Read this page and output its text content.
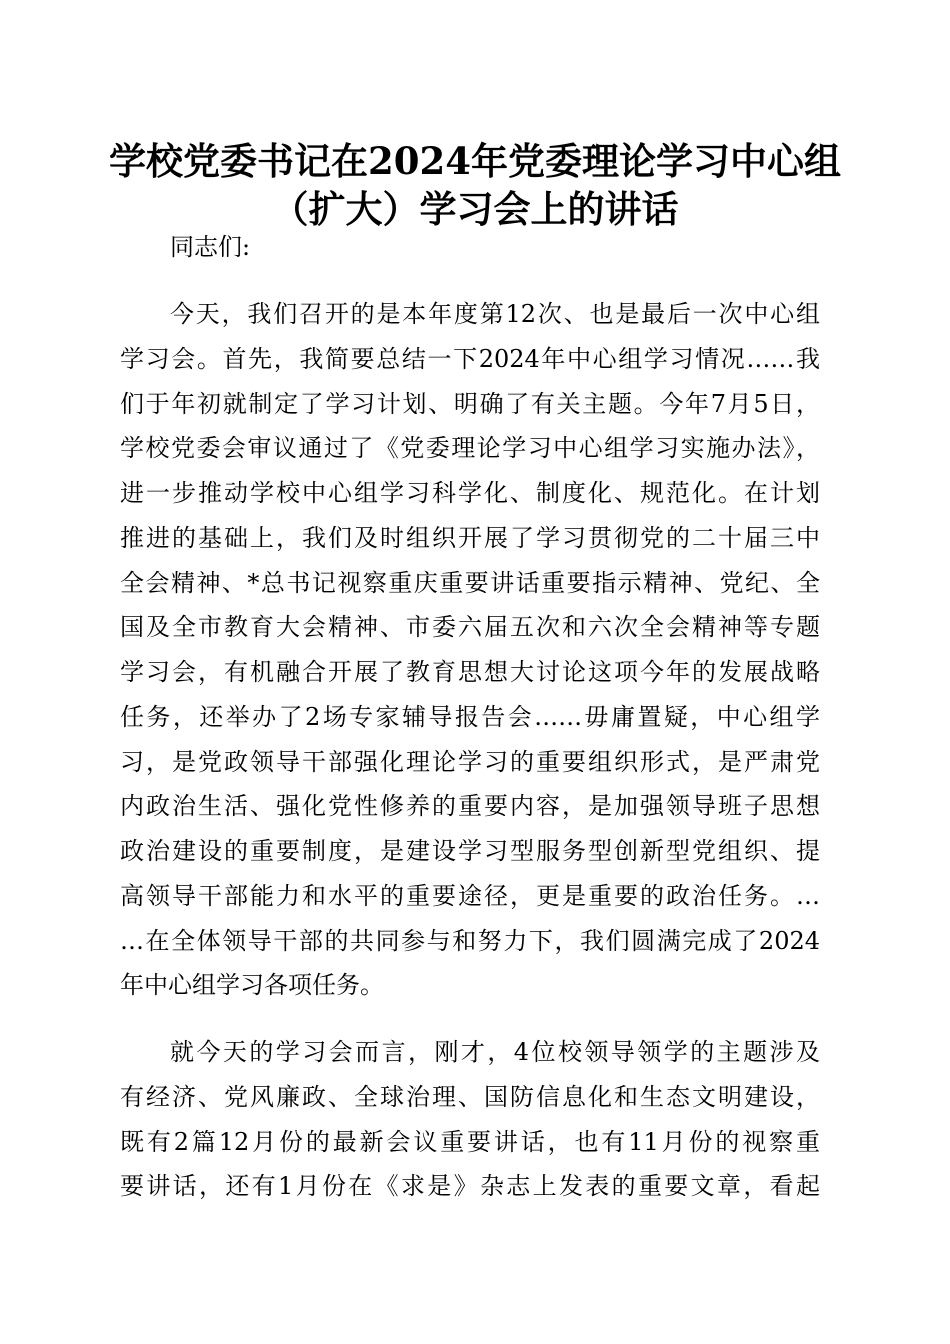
学校党委书记在2024年党委理论学习中心组
（扩大）学习会上的讲话

同志们:

今天，我们召开的是本年度第12次、也是最后一次中心组

学习会。首先，我简要总结一下2024年中心组学习情况……我

们于年初就制定了学习计划、明确了有关主题。今年7月5日，

学校党委会审议通过了《党委理论学习中心组学习实施办法》，

进一步推动学校中心组学习科学化、制度化、规范化。在计划

推进的基础上，我们及时组织开展了学习贯彻党的二十届三中

全会精神、*总书记视察重庆重要讲话重要指示精神、党纪、全

国及全市教育大会精神、市委六届五次和六次全会精神等专题

学习会，有机融合开展了教育思想大讨论这项今年的发展战略

任务，还举办了2场专家辅导报告会……毋庸置疑，中心组学

习，是党政领导干部强化理论学习的重要组织形式，是严肃党

内政治生活、强化党性修养的重要内容，是加强领导班子思想

政治建设的重要制度，是建设学习型服务型创新型党组织、提

高领导干部能力和水平的重要途径，更是重要的政治任务。…

…在全体领导干部的共同参与和努力下，我们圆满完成了2024

年中心组学习各项任务。

就今天的学习会而言，刚才，4位校领导领学的主题涉及

有经济、党风廉政、全球治理、国防信息化和生态文明建设，

既有2篇12月份的最新会议重要讲话，也有11月份的视察重

要讲话，还有1月份在《求是》杂志上发表的重要文章，看起
